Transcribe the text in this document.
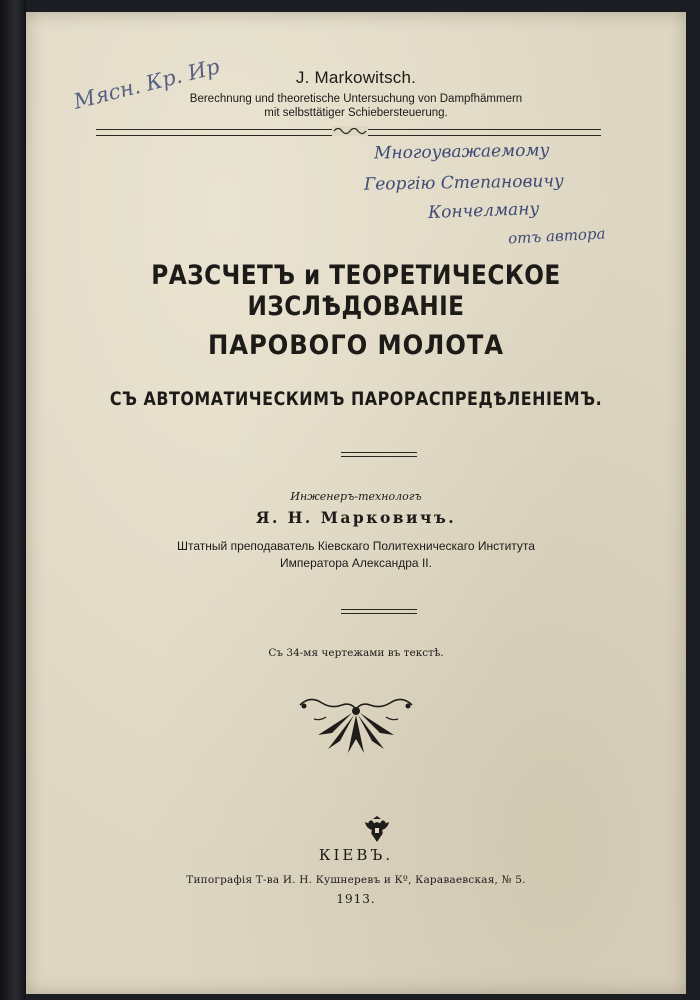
Мясн. Кр. Ир
Многоуважаемому
Георгію Степановичу
Кончелману
отъ автора
J. Markowitsch.
Berechnung und theoretische Untersuchung von Dampfhämmern
mit selbsttätiger Schiebersteuerung.
РАЗСЧЕТЪ и ТЕОРЕТИЧЕСКОЕ ИЗСЛѢДОВАНІЕ
ПАРОВОГО МОЛОТА
СЪ АВТОМАТИЧЕСКИМЪ ПАРОРАСПРЕДѢЛЕНІЕМЪ.
Инженеръ-технологъ
Я. Н. Марковичъ.
Штатный преподаватель Кіевскаго Политехническаго Института
Императора Александра II.
Съ 34-мя чертежами въ текстѣ.
КІЕВЪ.
Типографія Т-ва И. Н. Кушнеревъ и Кº, Караваевская, № 5.
1913.
